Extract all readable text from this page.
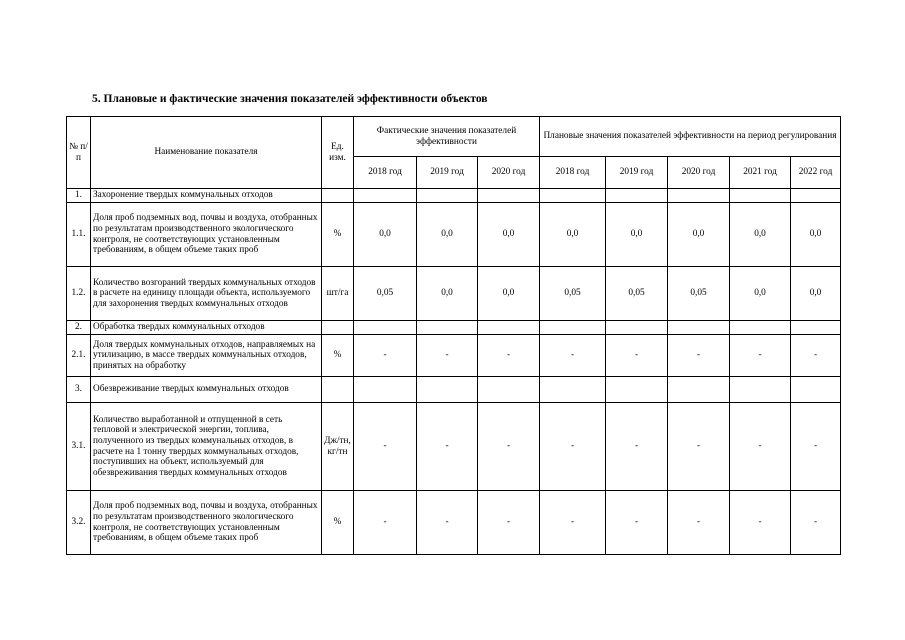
5. Плановые и фактические значения показателей эффективности объектов
№ п/п	Наименование показателя	Ед. изм.	Фактические значения показателей эффективности			Плановые значения показателей эффективности на период регулирования				
			2018 год	2019 год	2020 год	2018 год	2019 год	2020 год	2021 год	2022 год
1.	Захоронение твердых коммунальных отходов									
1.1.	Доля проб подземных вод, почвы и воздуха, отобранных по результатам производственного экологического контроля, не соответствующих установленным требованиям, в общем объеме таких проб	%	0,0	0,0	0,0	0,0	0,0	0,0	0,0	0,0
1.2.	Количество возгораний твердых коммунальных отходов в расчете на единицу площади объекта, используемого для захоронения твердых коммунальных отходов	шт/га	0,05	0,0	0,0	0,05	0,05	0,05	0,0	0,0
2.	Обработка твердых коммунальных отходов									
2.1.	Доля твердых коммунальных отходов, направляемых на утилизацию, в массе твердых коммунальных отходов, принятых на обработку	%	-	-	-	-	-	-	-	-
3.	Обезвреживание твердых коммунальных отходов									
3.1.	Количество выработанной и отпущенной в сеть тепловой и электрической энергии, топлива, полученного из твердых коммунальных отходов, в расчете на 1 тонну твердых коммунальных отходов, поступивших на объект, используемый для обезвреживания твердых коммунальных отходов	Дж/тн, кг/тн	-	-	-	-	-	-	-	-
3.2.	Доля проб подземных вод, почвы и воздуха, отобранных по результатам производственного экологического контроля, не соответствующих установленным требованиям, в общем объеме таких проб	%	-	-	-	-	-	-	-	-
